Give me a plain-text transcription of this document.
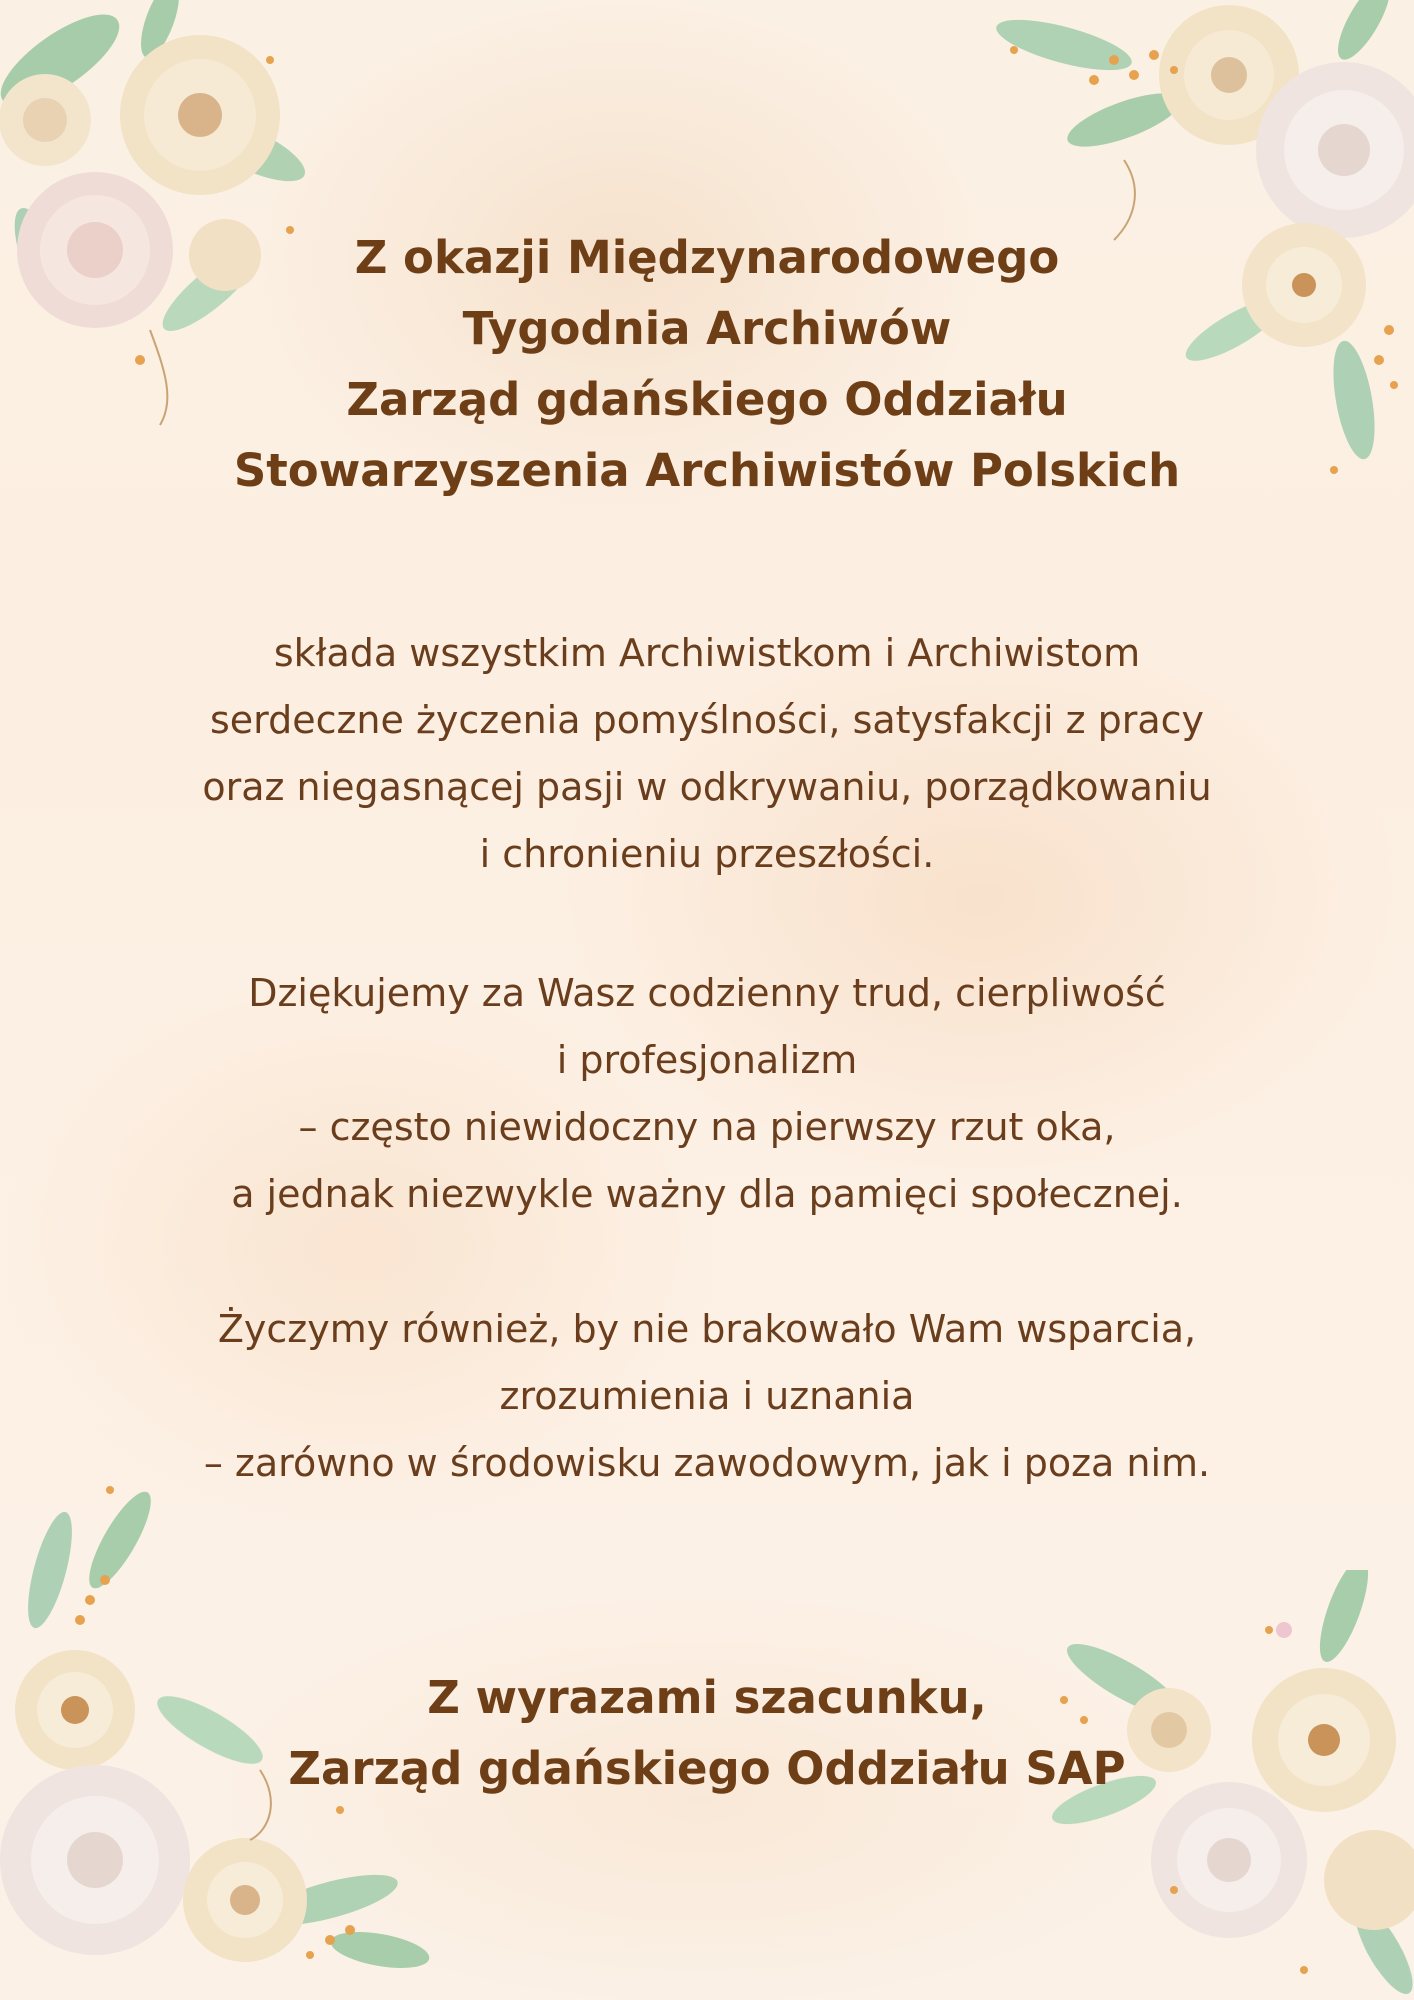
Z okazji Międzynarodowego
Tygodnia Archiwów
Zarząd gdańskiego Oddziału
Stowarzyszenia Archiwistów Polskich
składa wszystkim Archiwistkom i Archiwistom
serdeczne życzenia pomyślności, satysfakcji z pracy
oraz niegasnącej pasji w odkrywaniu, porządkowaniu
i chronieniu przeszłości.
Dziękujemy za Wasz codzienny trud, cierpliwość
i profesjonalizm
– często niewidoczny na pierwszy rzut oka,
a jednak niezwykle ważny dla pamięci społecznej.
Życzymy również, by nie brakowało Wam wsparcia,
zrozumienia i uznania
– zarówno w środowisku zawodowym, jak i poza nim.
Z wyrazami szacunku,
Zarząd gdańskiego Oddziału SAP
